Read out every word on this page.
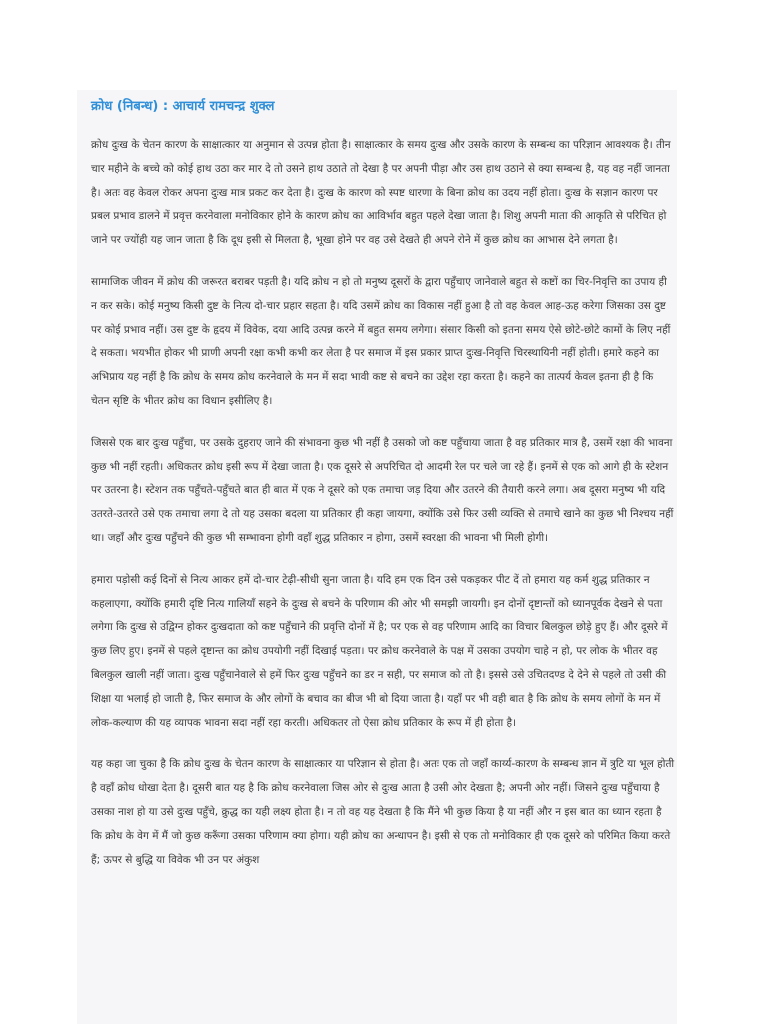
क्रोध (निबन्ध) : आचार्य रामचन्द्र शुक्ल

क्रोध दुःख के चेतन कारण के साक्षात्कार या अनुमान से उत्पन्न होता है। साक्षात्कार के समय दुःख और उसके कारण के सम्बन्ध का परिज्ञान आवश्यक है। तीन चार महीने के बच्चे को कोई हाथ उठा कर मार दे तो उसने हाथ उठाते तो देखा है पर अपनी पीड़ा और उस हाथ उठाने से क्या सम्बन्ध है, यह वह नहीं जानता है। अतः वह केवल रोकर अपना दुःख मात्र प्रकट कर देता है। दुःख के कारण को स्पष्ट धारणा के बिना क्रोध का उदय नहीं होता। दुःख के सज्ञान कारण पर प्रबल प्रभाव डालने में प्रवृत्त करनेवाला मनोविकार होने के कारण क्रोध का आविर्भाव बहुत पहले देखा जाता है। शिशु अपनी माता की आकृति से परिचित हो जाने पर ज्योंही यह जान जाता है कि दूध इसी से मिलता है, भूखा होने पर वह उसे देखते ही अपने रोने में कुछ क्रोध का आभास देने लगता है।

सामाजिक जीवन में क्रोध की जरूरत बराबर पड़ती है। यदि क्रोध न हो तो मनुष्य दूसरों के द्वारा पहुँचाए जानेवाले बहुत से कष्टों का चिर-निवृत्ति का उपाय ही न कर सके। कोई मनुष्य किसी दुष्ट के नित्य दो-चार प्रहार सहता है। यदि उसमें क्रोध का विकास नहीं हुआ है तो वह केवल आह-ऊह करेगा जिसका उस दुष्ट पर कोई प्रभाव नहीं। उस दुष्ट के हृदय में विवेक, दया आदि उत्पन्न करने में बहुत समय लगेगा। संसार किसी को इतना समय ऐसे छोटे-छोटे कामों के लिए नहीं दे सकता। भयभीत होकर भी प्राणी अपनी रक्षा कभी कभी कर लेता है पर समाज में इस प्रकार प्राप्त दुःख-निवृत्ति चिरस्थायिनी नहीं होती। हमारे कहने का अभिप्राय यह नहीं है कि क्रोध के समय क्रोध करनेवाले के मन में सदा भावी कष्ट से बचने का उद्देश रहा करता है। कहने का तात्पर्य केवल इतना ही है कि चेतन सृष्टि के भीतर क्रोध का विधान इसीलिए है।

जिससे एक बार दुःख पहुँचा, पर उसके दुहराए जाने की संभावना कुछ भी नहीं है उसको जो कष्ट पहुँचाया जाता है वह प्रतिकार मात्र है, उसमें रक्षा की भावना कुछ भी नहीं रहती। अधिकतर क्रोध इसी रूप में देखा जाता है। एक दूसरे से अपरिचित दो आदमी रेल पर चले जा रहे हैं। इनमें से एक को आगे ही के स्टेशन पर उतरना है। स्टेशन तक पहुँचते-पहुँचते बात ही बात में एक ने दूसरे को एक तमाचा जड़ दिया और उतरने की तैयारी करने लगा। अब दूसरा मनुष्य भी यदि उतरते-उतरते उसे एक तमाचा लगा दे तो यह उसका बदला या प्रतिकार ही कहा जायगा, क्योंकि उसे फिर उसी व्यक्ति से तमाचे खाने का कुछ भी निश्चय नहीं था। जहाँ और दुःख पहुँचने की कुछ भी सम्भावना होगी वहाँ शुद्ध प्रतिकार न होगा, उसमें स्वरक्षा की भावना भी मिली होगी।

हमारा पड़ोसी कई दिनों से नित्य आकर हमें दो-चार टेढ़ी-सीधी सुना जाता है। यदि हम एक दिन उसे पकड़कर पीट दें तो हमारा यह कर्म शुद्ध प्रतिकार न कहलाएगा, क्योंकि हमारी दृष्टि नित्य गालियाँ सहने के दुःख से बचने के परिणाम की ओर भी समझी जायगी। इन दोनों दृष्टान्तों को ध्यानपूर्वक देखने से पता लगेगा कि दुःख से उद्विग्न होकर दुःखदाता को कष्ट पहुँचाने की प्रवृत्ति दोनों में है; पर एक से वह परिणाम आदि का विचार बिलकुल छोड़े हुए हैं। और दूसरे में कुछ लिए हुए। इनमें से पहले दृष्टान्त का क्रोध उपयोगी नहीं दिखाई पड़ता। पर क्रोध करनेवाले के पक्ष में उसका उपयोग चाहे न हो, पर लोक के भीतर वह बिलकुल खाली नहीं जाता। दुःख पहुँचानेवाले से हमें फिर दुःख पहुँचने का डर न सही, पर समाज को तो है। इससे उसे उचितदण्ड दे देने से पहले तो उसी की शिक्षा या भलाई हो जाती है, फिर समाज के और लोगों के बचाव का बीज भी बो दिया जाता है। यहाँ पर भी वही बात है कि क्रोध के समय लोगों के मन में लोक-कल्याण की यह व्यापक भावना सदा नहीं रहा करती। अधिकतर तो ऐसा क्रोध प्रतिकार के रूप में ही होता है।

यह कहा जा चुका है कि क्रोध दुःख के चेतन कारण के साक्षात्कार या परिज्ञान से होता है। अतः एक तो जहाँ कार्य्य-कारण के सम्बन्ध ज्ञान में त्रुटि या भूल होती है वहाँ क्रोध धोखा देता है। दूसरी बात यह है कि क्रोध करनेवाला जिस ओर से दुःख आता है उसी ओर देखता है; अपनी ओर नहीं। जिसने दुःख पहुँचाया है उसका नाश हो या उसे दुःख पहुँचे, क्रुद्ध का यही लक्ष्य होता है। न तो वह यह देखता है कि मैंने भी कुछ किया है या नहीं और न इस बात का ध्यान रहता है कि क्रोध के वेग में मैं जो कुछ करूँगा उसका परिणाम क्या होगा। यही क्रोध का अन्धापन है। इसी से एक तो मनोविकार ही एक दूसरे को परिमित किया करते हैं; ऊपर से बुद्धि या विवेक भी उन पर अंकुश
